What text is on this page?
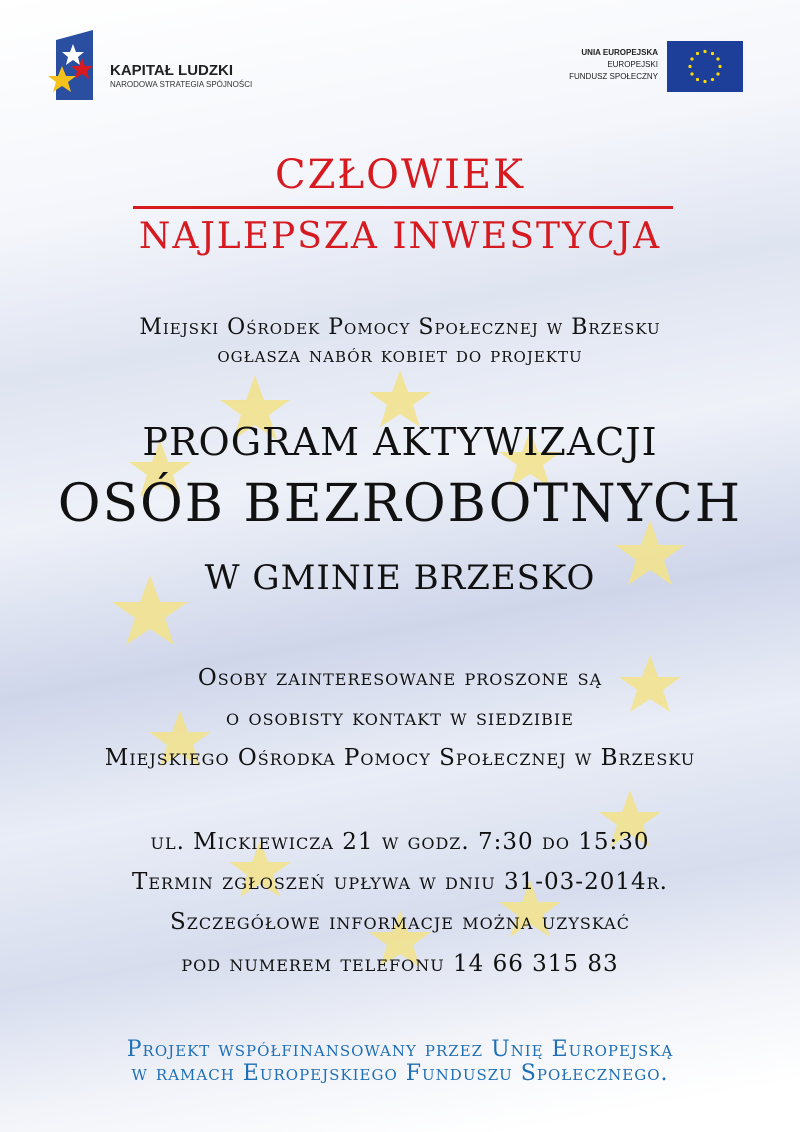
KAPITAŁ LUDZKI
NARODOWA STRATEGIA SPÓJNOŚCI
UNIA EUROPEJSKA
EUROPEJSKI
FUNDUSZ SPOŁECZNY
CZŁOWIEK
NAJLEPSZA INWESTYCJA
Miejski Ośrodek Pomocy Społecznej w Brzesku
ogłasza nabór kobiet do projektu
PROGRAM AKTYWIZACJI
OSÓB BEZROBOTNYCH
W GMINIE BRZESKO
Osoby zainteresowane proszone są
o osobisty kontakt w siedzibie
Miejskiego Ośrodka Pomocy Społecznej w Brzesku
ul. Mickiewicza 21 w godz. 7:30 do 15:30
Termin zgłoszeń upływa w dniu 31-03-2014r.
Szczegółowe informacje można uzyskać
pod numerem telefonu 14 66 315 83
Projekt współfinansowany przez Unię Europejską
w ramach Europejskiego Funduszu Społecznego.
